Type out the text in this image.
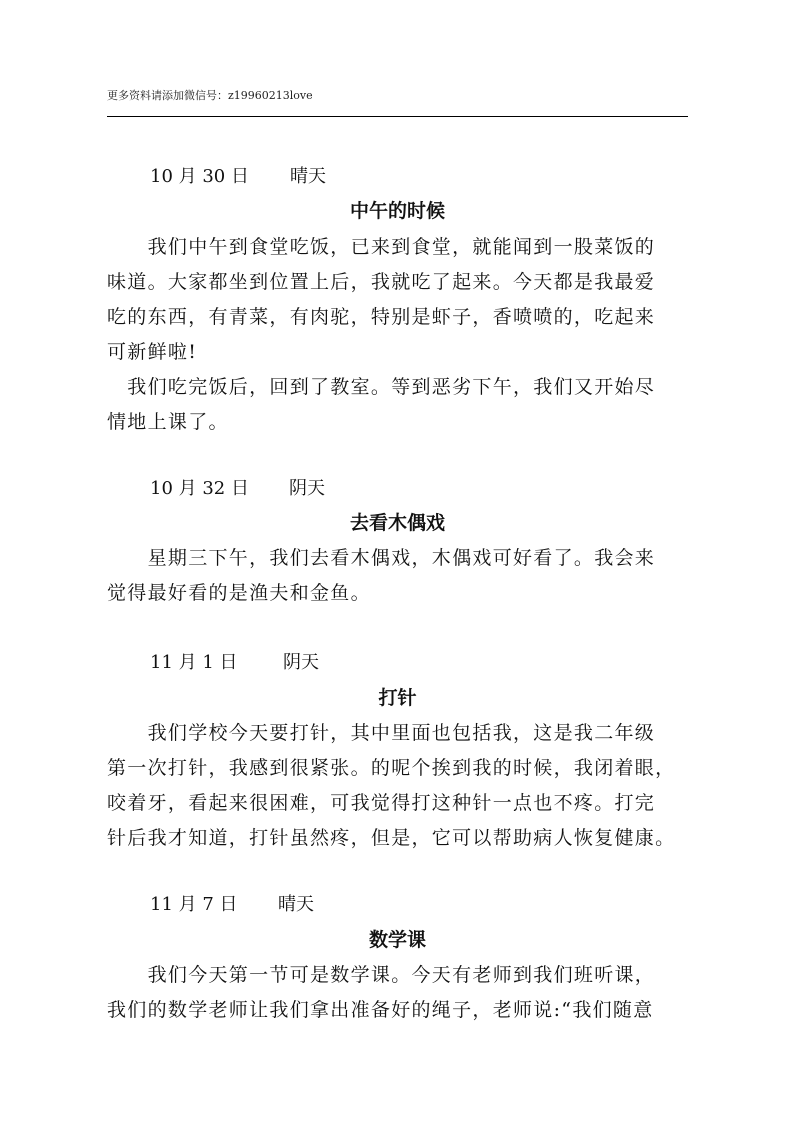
更多资料请添加微信号：z19960213love
10 月 30 日 晴天
中午的时候
　　我们中午到食堂吃饭，已来到食堂，就能闻到一股菜饭的
味道。大家都坐到位置上后，我就吃了起来。今天都是我最爱
吃的东西，有青菜，有肉驼，特别是虾子，香喷喷的，吃起来
可新鲜啦!
　我们吃完饭后，回到了教室。等到恶劣下午，我们又开始尽
情地上课了。
10 月 32 日 阴天
去看木偶戏
　　星期三下午，我们去看木偶戏，木偶戏可好看了。我会来
觉得最好看的是渔夫和金鱼。
11 月 1 日	阴天
打针
　　我们学校今天要打针，其中里面也包括我，这是我二年级
第一次打针，我感到很紧张。的呢个挨到我的时候，我闭着眼，
咬着牙，看起来很困难，可我觉得打这种针一点也不疼。打完
针后我才知道，打针虽然疼，但是，它可以帮助病人恢复健康。
11 月 7 日 晴天
数学课
　　我们今天第一节可是数学课。今天有老师到我们班听课，
我们的数学老师让我们拿出准备好的绳子，老师说:“我们随意
